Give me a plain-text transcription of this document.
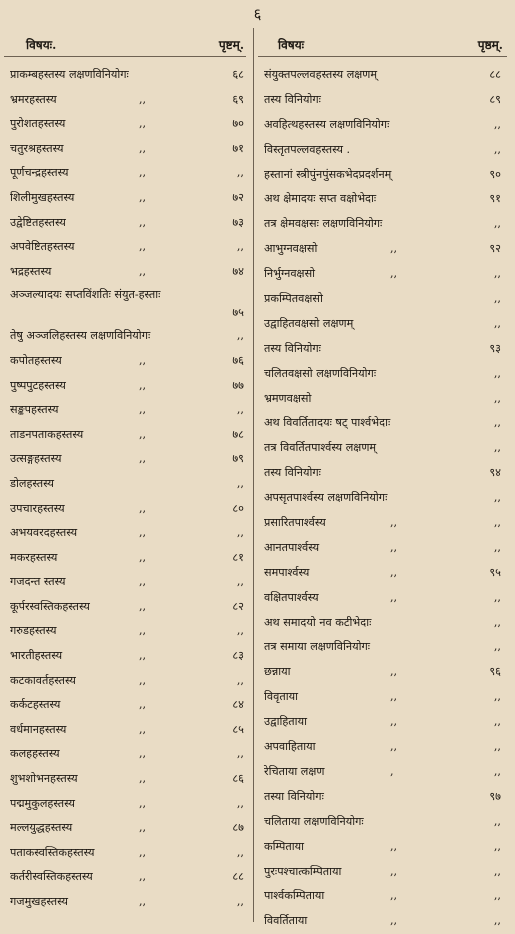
६
विषयः.	पृष्टम्.
प्राकम्बहस्तस्य लक्षणविनियोगः	६८
भ्रमरहस्तस्य	,,	६९
पुरोशतहस्तस्य	,,	७०
चतुरश्रहस्तस्य	,,	७१
पूर्णचन्द्रहस्तस्य	,,	,,
शिलीमुखहस्तस्य	,,	७२
उद्वेष्टितहस्तस्य	,,	७३
अपवेष्टितहस्तस्य	,,	,,
भद्रहस्तस्य	,,	७४
अञ्जल्यादयः सप्तविंशतिः संयुत-हस्ताः
७५
तेषु अञ्जलिहस्तस्य लक्षणविनियोगः	,,
कपोतहस्तस्य	,,	७६
पुष्पपुटहस्तस्य	,,	७७
सङ्कपहस्तस्य	,,	,,
ताडनपताकहस्तस्य	,,	७८
उत्सङ्गहस्तस्य	,,	७९
डोलहस्तस्य	,,
उपचारहस्तस्य	,,	८०
अभयवरदहस्तस्य	,,	,,
मकरहस्तस्य	,,	८१
गजदन्त स्तस्य	,,	,,
कूर्परस्वस्तिकहस्तस्य	,,	८२
गरुडहस्तस्य	,,	,,
भारतीहस्तस्य	,,	८३
कटकावर्तहस्तस्य	,,	,,
कर्कटहस्तस्य	,,	८४
वर्धमानहस्तस्य	,,	८५
कलहहस्तस्य	,,	,,
शुभशोभनहस्तस्य	,,	८६
पद्ममुकुलहस्तस्य	,,	,,
मल्लयुद्धहस्तस्य	,,	८७
पताकस्वस्तिकहस्तस्य	,,	,,
कर्तरीस्वस्तिकहस्तस्य	,,	८८
गजमुखहस्तस्य	,,	,,
विषयः	पृष्ठम्.
संयुक्तपल्लवहस्तस्य लक्षणम्	८८
तस्य विनियोगः	८९
अवहित्थहस्तस्य लक्षणविनियोगः	,,
विस्तृतपल्लवहस्तस्य .	,,
हस्तानां स्त्रीपुंनपुंसकभेदप्रदर्शनम्	९०
अथ क्षेमादयः सप्त वक्षोभेदाः	९१
तत्र क्षेमवक्षसः लक्षणविनियोगः	,,
आभुग्नवक्षसो	,,	९२
निर्भुग्नवक्षसो	,,	,,
प्रकम्पितवक्षसो	,,
उद्वाहितवक्षसो लक्षणम्	,,
तस्य विनियोगः	९३
चलितवक्षसो लक्षणविनियोगः	,,
भ्रमणवक्षसो	,,
अथ विवर्तितादयः षट् पार्श्वभेदाः	,,
तत्र विवर्तितपार्श्वस्य लक्षणम्	,,
तस्य विनियोगः	९४
अपसृतपार्श्वस्य लक्षणविनियोगः	,,
प्रसारितपार्श्वस्य	,,	,,
आनतपार्श्वस्य	,,	,,
समपार्श्वस्य	,,	९५
वक्षितपार्श्वस्य	,,	,,
अथ समादयो नव कटीभेदाः	,,
तत्र समाया लक्षणविनियोगः	,,
छन्नाया	,,	९६
विवृताया	,,	,,
उद्वाहिताया	,,	,,
अपवाहिताया	,,	,,
रेचिताया लक्षण	,	,,
तस्या विनियोगः	९७
चलिताया लक्षणविनियोगः	,,
कम्पिताया	,,	,,
पुरःपश्चात्कम्पिताया	,,	,,
पार्श्वकम्पिताया	,,	,,
विवर्तिताया	,,	,,
